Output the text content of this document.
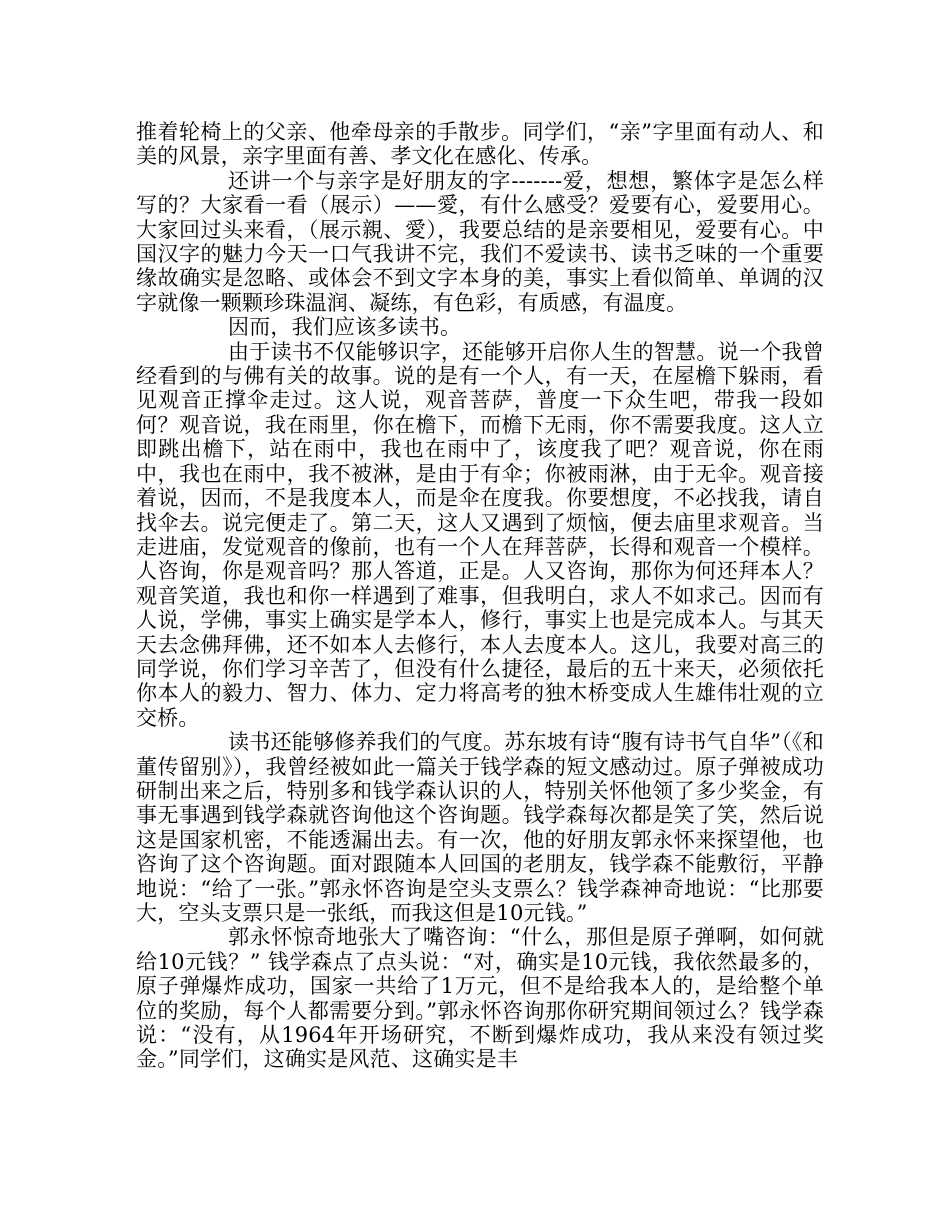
推着轮椅上的父亲、他牵母亲的手散步。同学们，“亲”字里面有动人、和美的风景，亲字里面有善、孝文化在感化、传承。

还讲一个与亲字是好朋友的字-------爱，想想，繁体字是怎么样写的？大家看一看（展示）——愛，有什么感受？爱要有心，爱要用心。大家回过头来看，（展示親、愛），我要总结的是亲要相见，爱要有心。中国汉字的魅力今天一口气我讲不完，我们不爱读书、读书乏味的一个重要缘故确实是忽略、或体会不到文字本身的美，事实上看似简单、单调的汉字就像一颗颗珍珠温润、凝练，有色彩，有质感，有温度。

因而，我们应该多读书。

由于读书不仅能够识字，还能够开启你人生的智慧。说一个我曾经看到的与佛有关的故事。说的是有一个人，有一天，在屋檐下躲雨，看见观音正撑伞走过。这人说，观音菩萨，普度一下众生吧，带我一段如何？观音说，我在雨里，你在檐下，而檐下无雨，你不需要我度。这人立即跳出檐下，站在雨中，我也在雨中了，该度我了吧？观音说，你在雨中，我也在雨中，我不被淋，是由于有伞；你被雨淋，由于无伞。观音接着说，因而，不是我度本人，而是伞在度我。你要想度，不必找我，请自找伞去。说完便走了。第二天，这人又遇到了烦恼，便去庙里求观音。当走进庙，发觉观音的像前，也有一个人在拜菩萨，长得和观音一个模样。人咨询，你是观音吗？那人答道，正是。人又咨询，那你为何还拜本人？观音笑道，我也和你一样遇到了难事，但我明白，求人不如求己。因而有人说，学佛，事实上确实是学本人，修行，事实上也是完成本人。与其天天去念佛拜佛，还不如本人去修行，本人去度本人。这儿，我要对高三的同学说，你们学习辛苦了，但没有什么捷径，最后的五十来天，必须依托你本人的毅力、智力、体力、定力将高考的独木桥变成人生雄伟壮观的立交桥。

读书还能够修养我们的气度。苏东坡有诗“腹有诗书气自华”（《和董传留别》），我曾经被如此一篇关于钱学森的短文感动过。原子弹被成功研制出来之后，特别多和钱学森认识的人，特别关怀他领了多少奖金，有事无事遇到钱学森就咨询他这个咨询题。钱学森每次都是笑了笑，然后说这是国家机密，不能透漏出去。有一次，他的好朋友郭永怀来探望他，也咨询了这个咨询题。面对跟随本人回国的老朋友，钱学森不能敷衍，平静地说：“给了一张。”郭永怀咨询是空头支票么？钱学森神奇地说：“比那要大，空头支票只是一张纸，而我这但是10元钱。”

郭永怀惊奇地张大了嘴咨询：“什么，那但是原子弹啊，如何就给10元钱？” 钱学森点了点头说：“对，确实是10元钱，我依然最多的，原子弹爆炸成功，国家一共给了1万元，但不是给我本人的，是给整个单位的奖励，每个人都需要分到。”郭永怀咨询那你研究期间领过么？钱学森说：“没有，从1964年开场研究，不断到爆炸成功，我从来没有领过奖金。”同学们，这确实是风范、这确实是丰
